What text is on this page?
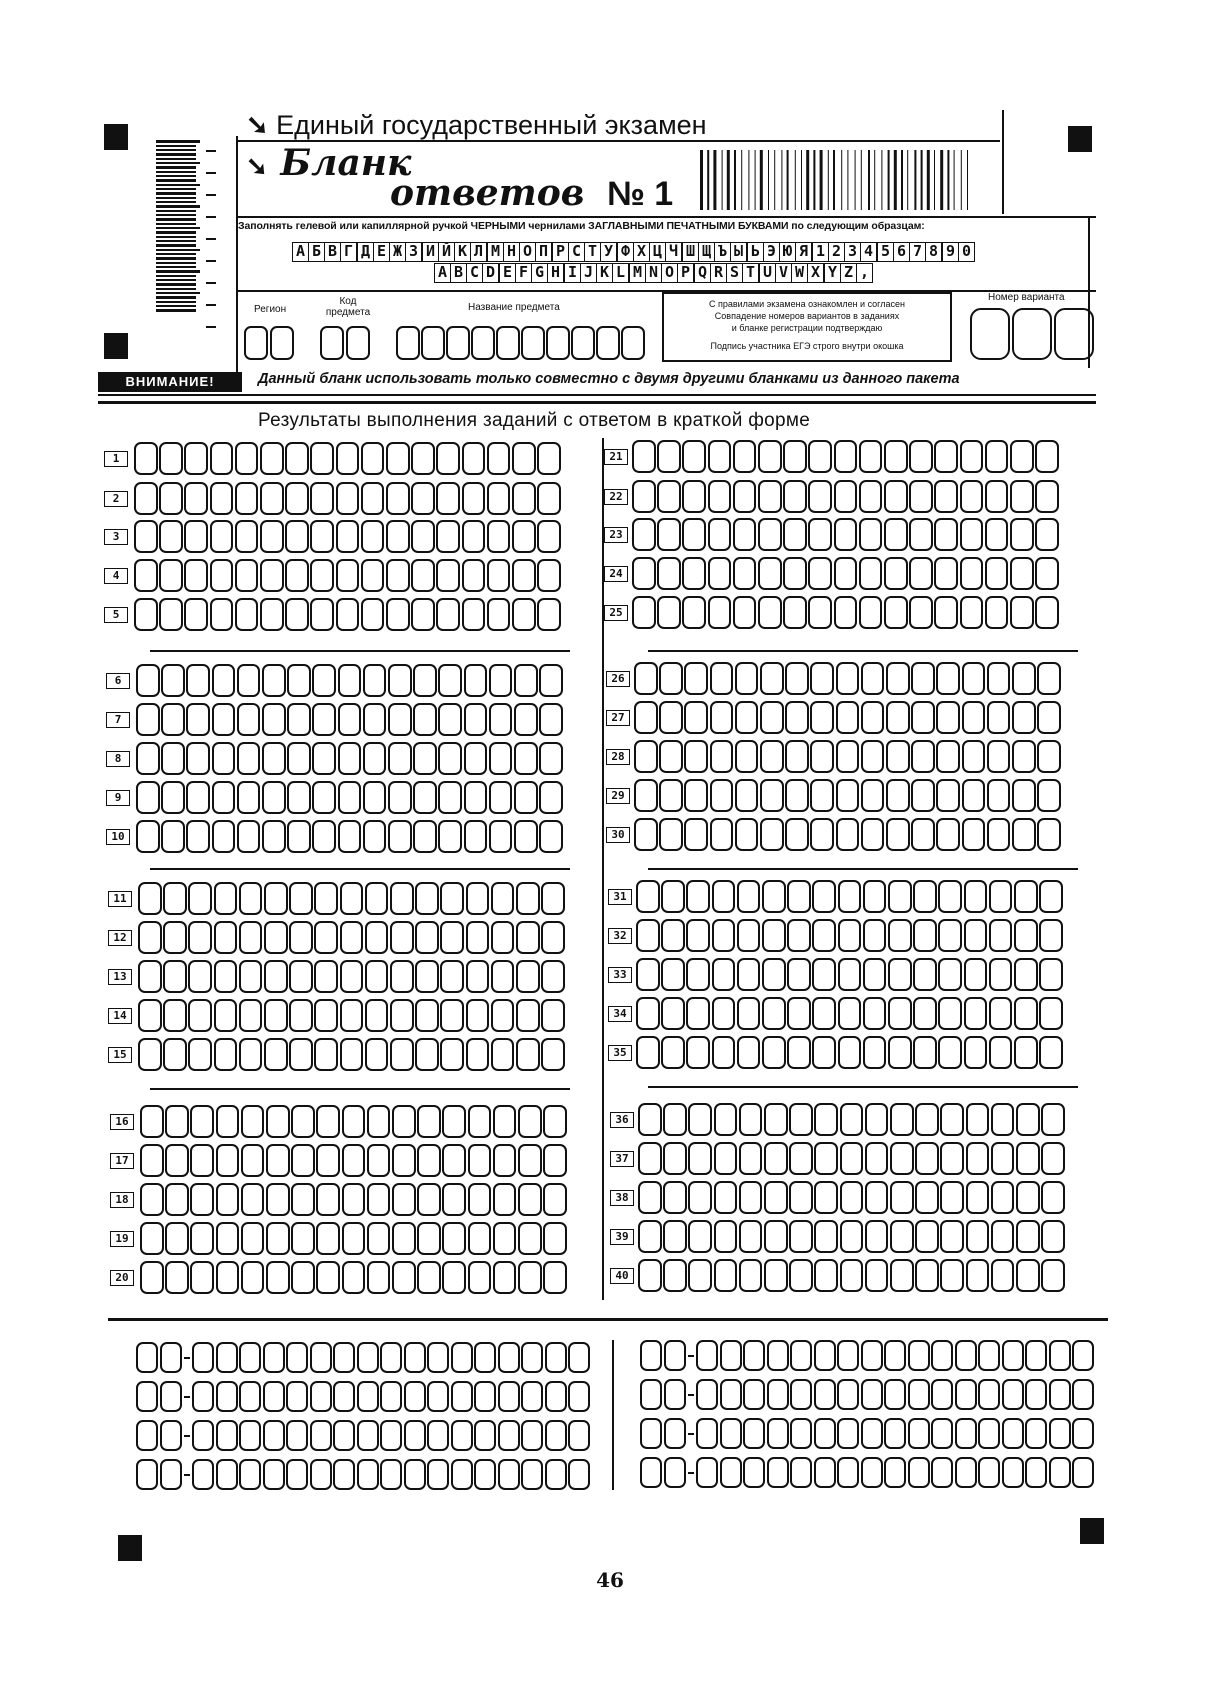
➘ Единый государственный экзамен
➘ Бланк
ответов № 1
Заполнять гелевой или капиллярной ручкой ЧЕРНЫМИ чернилами ЗАГЛАВНЫМИ ПЕЧАТНЫМИ БУКВАМИ по следующим образцам:
А Б В Г Д Е Ж З И Й К Л М Н О П Р С Т У Ф Х Ц Ч Ш Щ Ъ Ы Ь Э Ю Я 1 2 3 4 5 6 7 8 9 0
A B C D E F G H I J K L M N O P Q R S T U V W X Y Z ,
Регион
Код предмета	Название предмета
Номер варианта
С правилами экзамена ознакомлен и согласен
Совпадение номеров вариантов в заданиях
и бланке регистрации подтверждаю
Подпись участника ЕГЭ строго внутри окошка
ВНИМАНИЕ!	Данный бланк использовать только совместно с двумя другими бланками из данного пакета
Результаты выполнения заданий с ответом в краткой форме
1
2
3
4
5
6
7
8
9
10
11
12
13
14
15
16
17
18
19
20
21
22
23
24
25
26
27
28
29
30
31
32
33
34
35
36
37
38
39
40
46
